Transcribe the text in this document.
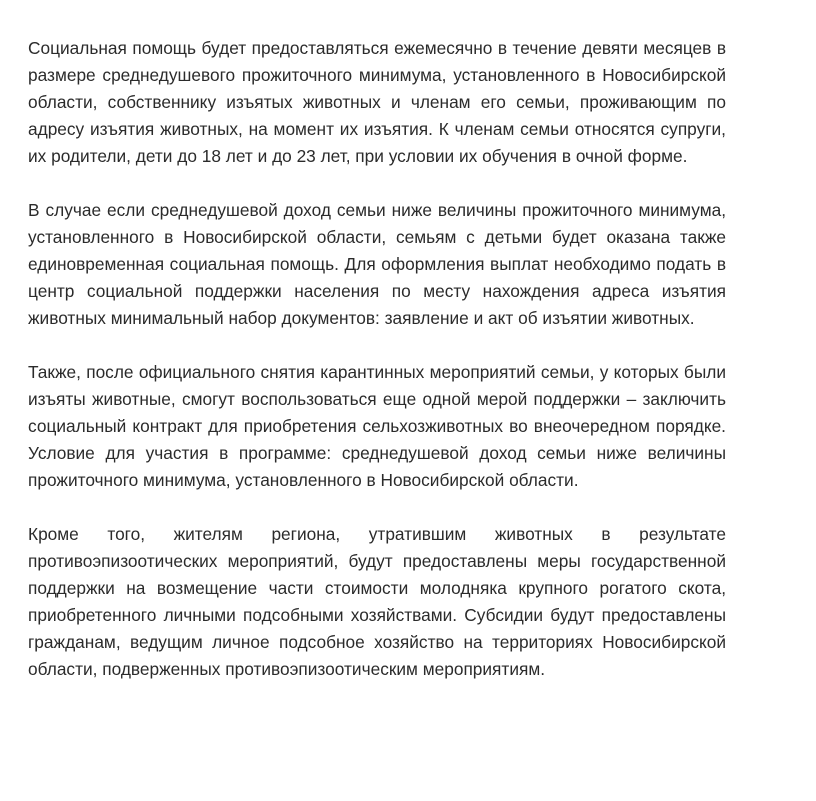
Социальная помощь будет предоставляться ежемесячно в течение девяти месяцев в размере среднедушевого прожиточного минимума, установленного в Новосибирской области, собственнику изъятых животных и членам его семьи, проживающим по адресу изъятия животных, на момент их изъятия. К членам семьи относятся супруги, их родители, дети до 18 лет и до 23 лет, при условии их обучения в очной форме.

В случае если среднедушевой доход семьи ниже величины прожиточного минимума, установленного в Новосибирской области, семьям с детьми будет оказана также единовременная социальная помощь. Для оформления выплат необходимо подать в центр социальной поддержки населения по месту нахождения адреса изъятия животных минимальный набор документов: заявление и акт об изъятии животных.

Также, после официального снятия карантинных мероприятий семьи, у которых были изъяты животные, смогут воспользоваться еще одной мерой поддержки – заключить социальный контракт для приобретения сельхозживотных во внеочередном порядке. Условие для участия в программе: среднедушевой доход семьи ниже величины прожиточного минимума, установленного в Новосибирской области.

Кроме того, жителям региона, утратившим животных в результате противоэпизоотических мероприятий, будут предоставлены меры государственной поддержки на возмещение части стоимости молодняка крупного рогатого скота, приобретенного личными подсобными хозяйствами. Субсидии будут предоставлены гражданам, ведущим личное подсобное хозяйство на территориях Новосибирской области, подверженных противоэпизоотическим мероприятиям.
